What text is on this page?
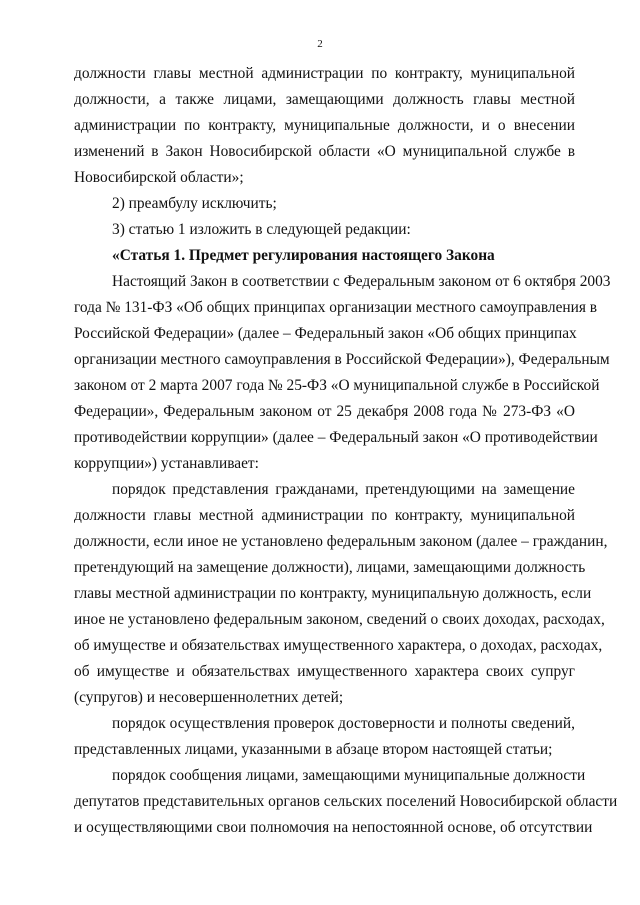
2
должности главы местной администрации по контракту, муниципальной
должности, а также лицами, замещающими должность главы местной
администрации по контракту, муниципальные должности, и о внесении
изменений в Закон Новосибирской области «О муниципальной службе в
Новосибирской области»;
2) преамбулу исключить;
3) статью 1 изложить в следующей редакции:
«Статья 1. Предмет регулирования настоящего Закона
Настоящий Закон в соответствии с Федеральным законом от 6 октября 2003
года № 131-ФЗ «Об общих принципах организации местного самоуправления в
Российской Федерации» (далее – Федеральный закон «Об общих принципах
организации местного самоуправления в Российской Федерации»), Федеральным
законом от 2 марта 2007 года № 25-ФЗ «О муниципальной службе в Российской
Федерации», Федеральным законом от 25 декабря 2008 года № 273-ФЗ «О
противодействии коррупции» (далее – Федеральный закон «О противодействии
коррупции») устанавливает:
порядок представления гражданами, претендующими на замещение
должности главы местной администрации по контракту, муниципальной
должности, если иное не установлено федеральным законом (далее – гражданин,
претендующий на замещение должности), лицами, замещающими должность
главы местной администрации по контракту, муниципальную должность, если
иное не установлено федеральным законом, сведений о своих доходах, расходах,
об имуществе и обязательствах имущественного характера, о доходах, расходах,
об имуществе и обязательствах имущественного характера своих супруг
(супругов) и несовершеннолетних детей;
порядок осуществления проверок достоверности и полноты сведений,
представленных лицами, указанными в абзаце втором настоящей статьи;
порядок сообщения лицами, замещающими муниципальные должности
депутатов представительных органов сельских поселений Новосибирской области
и осуществляющими свои полномочия на непостоянной основе, об отсутствии
